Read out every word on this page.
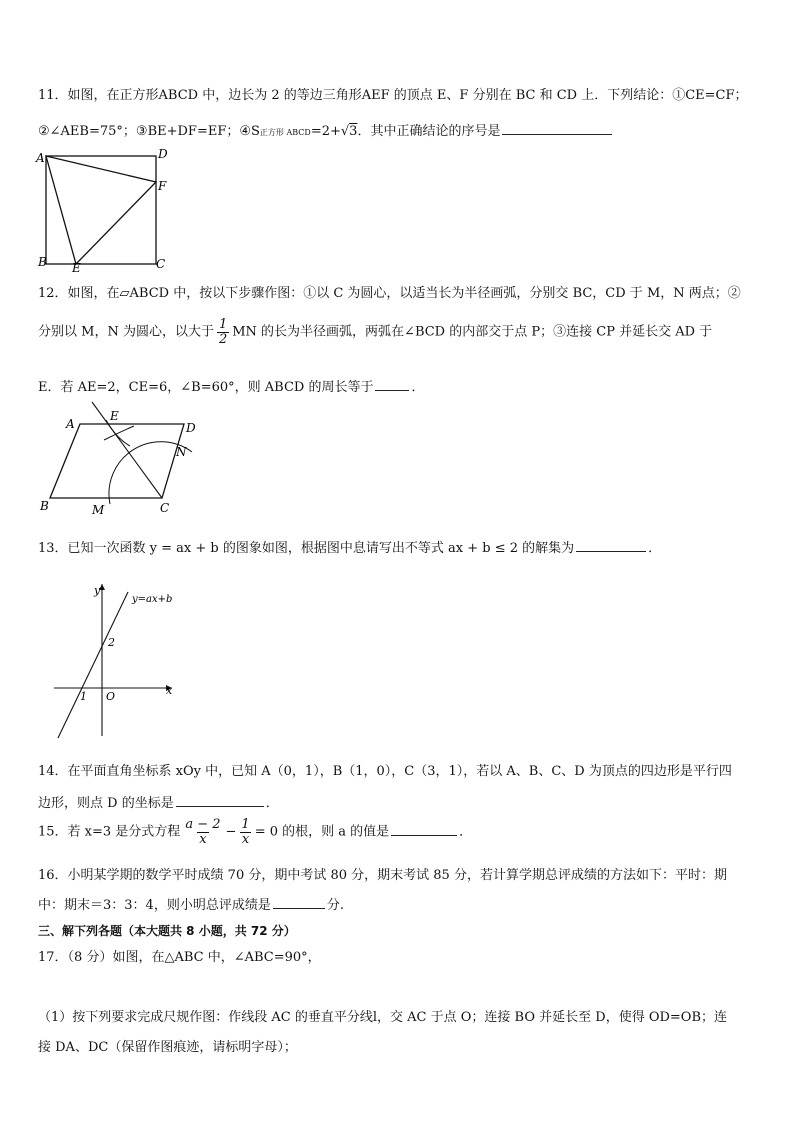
11．如图，在正方形ABCD 中，边长为 2 的等边三角形AEF 的顶点 E、F 分别在 BC 和 CD 上．下列结论：①CE=CF；
②∠AEB=75°；③BE+DF=EF；④S正方形 ABCD=2+√3．其中正确结论的序号是
A	D
F
B E	C
12．如图，在▱ABCD 中，按以下步骤作图：①以 C 为圆心，以适当长为半径画弧，分别交 BC，CD 于 M，N 两点；②
分别以 M，N 为圆心，以大于 $\frac{1}{2}$ MN 的长为半径画弧，两弧在∠BCD 的内部交于点 P；③连接 CP 并延长交 AD 于
E．若 AE=2，CE=6，∠B=60°，则 ABCD 的周长等于	．
A
E
D
N
B	M	C
13．已知一次函数 y = ax + b 的图象如图，根据图中息请写出不等式 ax + b ≤ 2 的解集为	．
y
x
y=ax+b
2
1 O
14．在平面直角坐标系 xOy 中，已知 A（0，1），B（1，0），C（3，1），若以 A、B、C、D 为顶点的四边形是平行四
边形，则点 D 的坐标是	．
15．若 x=3 是分式方程 $\frac{a - 2}{x} - \frac{1}{x} = 0$ 的根，则 a 的值是	．
16．小明某学期的数学平时成绩 70 分，期中考试 80 分，期末考试 85 分，若计算学期总评成绩的方法如下：平时：期
中：期末＝3：3：4，则小明总评成绩是	分.
三、解下列各题（本大题共 8 小题，共 72 分）
17．（8 分）如图，在△ABC 中，∠ABC=90°，
（1）按下列要求完成尺规作图：作线段 AC 的垂直平分线l，交 AC 于点 O；连接 BO 并延长至 D，使得 OD=OB；连
接 DA、DC（保留作图痕迹，请标明字母）；
